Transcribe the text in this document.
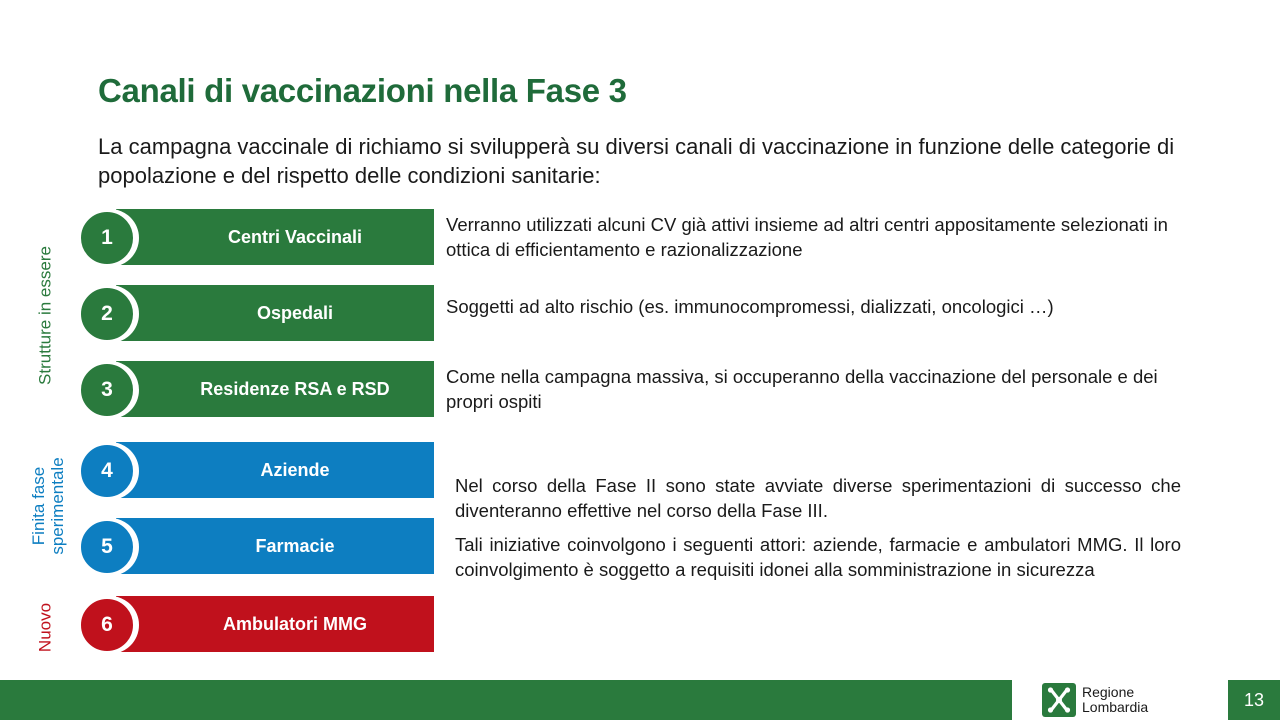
Canali di vaccinazioni nella Fase 3
La campagna vaccinale di richiamo si svilupperà su diversi canali di vaccinazione in funzione delle categorie di popolazione e del rispetto delle condizioni sanitarie:
Strutture in essere
Finita fase sperimentale
Nuovo
Centri Vaccinali
1
Ospedali
2
Residenze RSA e RSD
3
Aziende
4
Farmacie
5
Ambulatori MMG
6
Verranno utilizzati alcuni CV già attivi insieme ad altri centri appositamente selezionati in ottica di efficientamento e razionalizzazione
Soggetti ad alto rischio (es. immunocompromessi, dializzati, oncologici …)
Come nella campagna massiva, si occuperanno della vaccinazione del personale e dei propri ospiti
Nel corso della Fase II sono state avviate diverse sperimentazioni di successo che diventeranno effettive nel corso della Fase III.
Tali iniziative coinvolgono i seguenti attori: aziende, farmacie e ambulatori MMG. Il loro coinvolgimento è soggetto a requisiti idonei alla somministrazione in sicurezza
Regione
Lombardia	13
